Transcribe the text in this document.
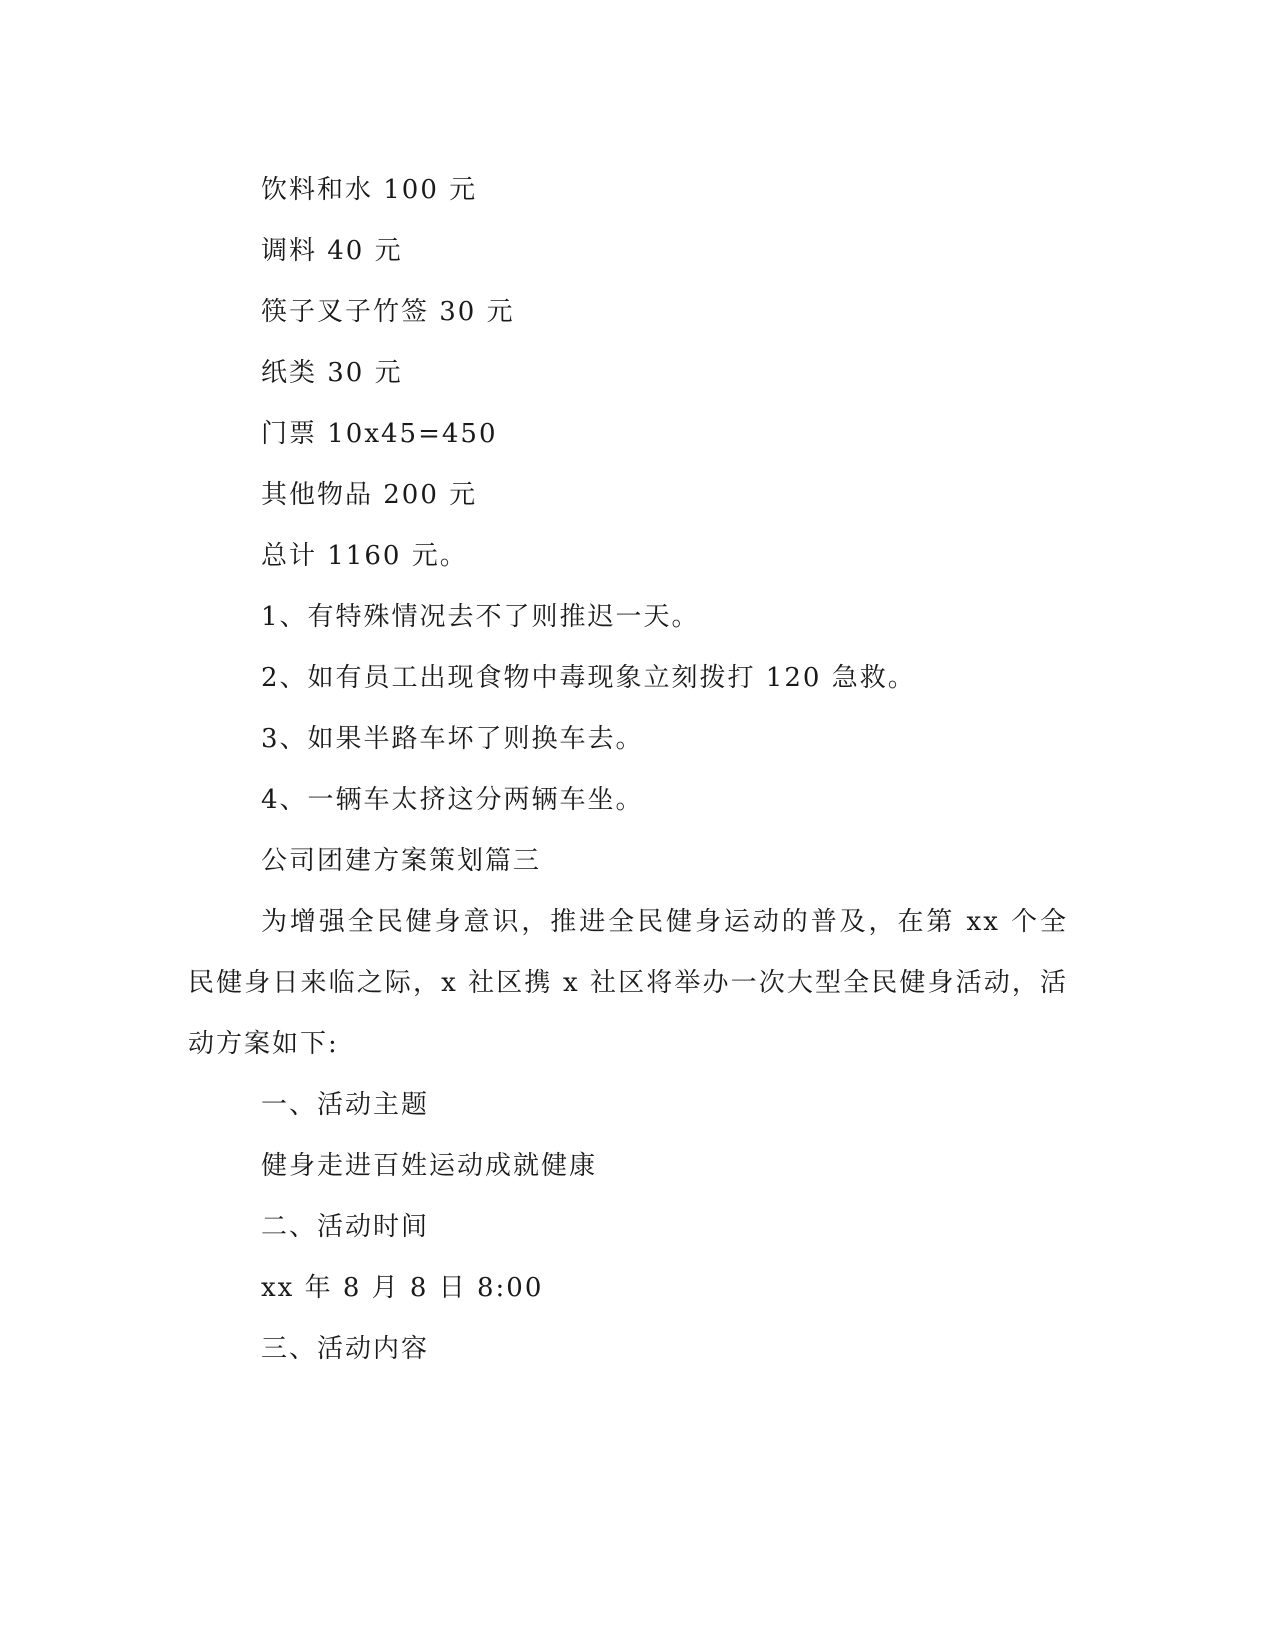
饮料和水 100 元

调料 40 元

筷子叉子竹签 30 元

纸类 30 元

门票 10x45=450

其他物品 200 元

总计 1160 元。

1、有特殊情况去不了则推迟一天。

2、如有员工出现食物中毒现象立刻拨打 120 急救。

3、如果半路车坏了则换车去。

4、一辆车太挤这分两辆车坐。

公司团建方案策划篇三

为增强全民健身意识，推进全民健身运动的普及，在第 xx 个全

民健身日来临之际，x 社区携 x 社区将举办一次大型全民健身活动，活

动方案如下:

一、活动主题

健身走进百姓运动成就健康

二、活动时间

xx 年 8 月 8 日 8:00

三、活动内容
